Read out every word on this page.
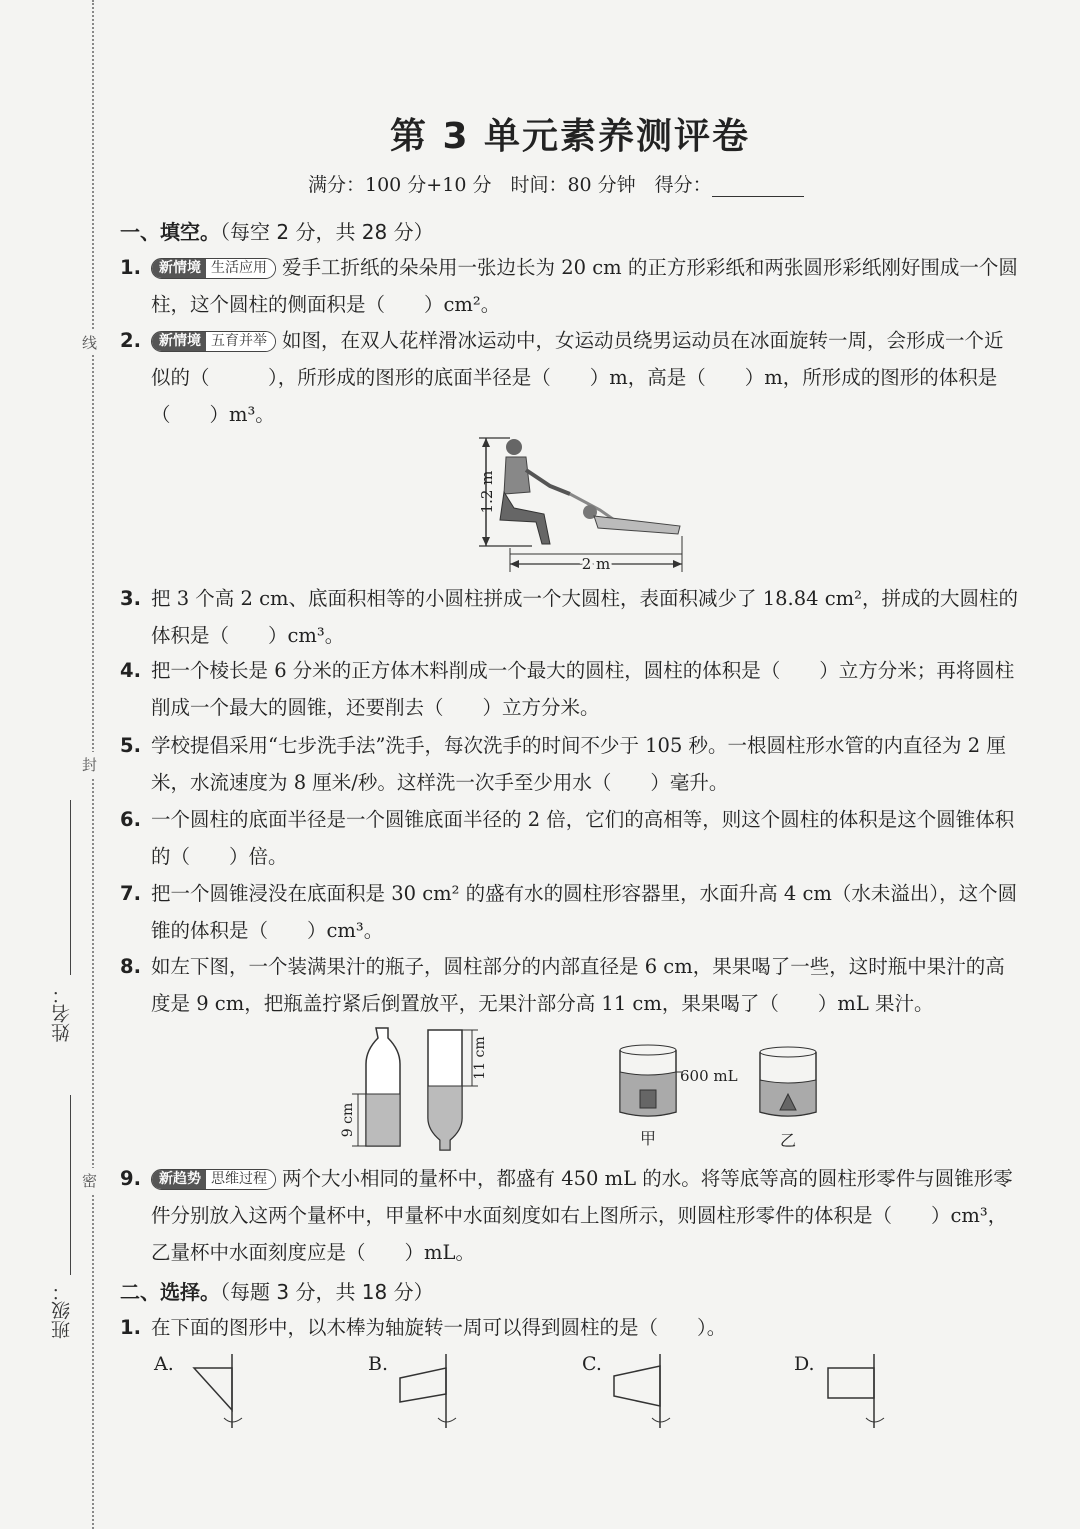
线
封
密
姓名：
班级：
第 3 单元素养测评卷
满分：100 分+10 分　时间：80 分钟　得分：
一、填空。（每空 2 分，共 28 分）
1.	新情境 生活应用 爱手工折纸的朵朵用一张边长为 20 cm 的正方形彩纸和两张圆形彩纸刚好围成一个圆柱，这个圆柱的侧面积是（　　）cm²。
2.	新情境 五育并举 如图，在双人花样滑冰运动中，女运动员绕男运动员在冰面旋转一周，会形成一个近似的（　　　），所形成的图形的底面半径是（　　）m，高是（　　）m，所形成的图形的体积是（　　）m³。
1.2 m
2 m
3. 把 3 个高 2 cm、底面积相等的小圆柱拼成一个大圆柱，表面积减少了 18.84 cm²，拼成的大圆柱的体积是（　　）cm³。
4. 把一个棱长是 6 分米的正方体木料削成一个最大的圆柱，圆柱的体积是（　　）立方分米；再将圆柱削成一个最大的圆锥，还要削去（　　）立方分米。
5. 学校提倡采用“七步洗手法”洗手，每次洗手的时间不少于 105 秒。一根圆柱形水管的内直径为 2 厘米，水流速度为 8 厘米/秒。这样洗一次手至少用水（　　）毫升。
6. 一个圆柱的底面半径是一个圆锥底面半径的 2 倍，它们的高相等，则这个圆柱的体积是这个圆锥体积的（　　）倍。
7. 把一个圆锥浸没在底面积是 30 cm² 的盛有水的圆柱形容器里，水面升高 4 cm（水未溢出），这个圆锥的体积是（　　）cm³。
8. 如左下图，一个装满果汁的瓶子，圆柱部分的内部直径是 6 cm，果果喝了一些，这时瓶中果汁的高度是 9 cm，把瓶盖拧紧后倒置放平，无果汁部分高 11 cm，果果喝了（　　）mL 果汁。
9 cm
11 cm	600 mL
甲	乙
9.	新趋势 思维过程 两个大小相同的量杯中，都盛有 450 mL 的水。将等底等高的圆柱形零件与圆锥形零件分别放入这两个量杯中，甲量杯中水面刻度如右上图所示，则圆柱形零件的体积是（　　）cm³，乙量杯中水面刻度应是（　　）mL。
二、选择。（每题 3 分，共 18 分）
1. 在下面的图形中，以木棒为轴旋转一周可以得到圆柱的是（　　）。
A.	B.	C.	D.
